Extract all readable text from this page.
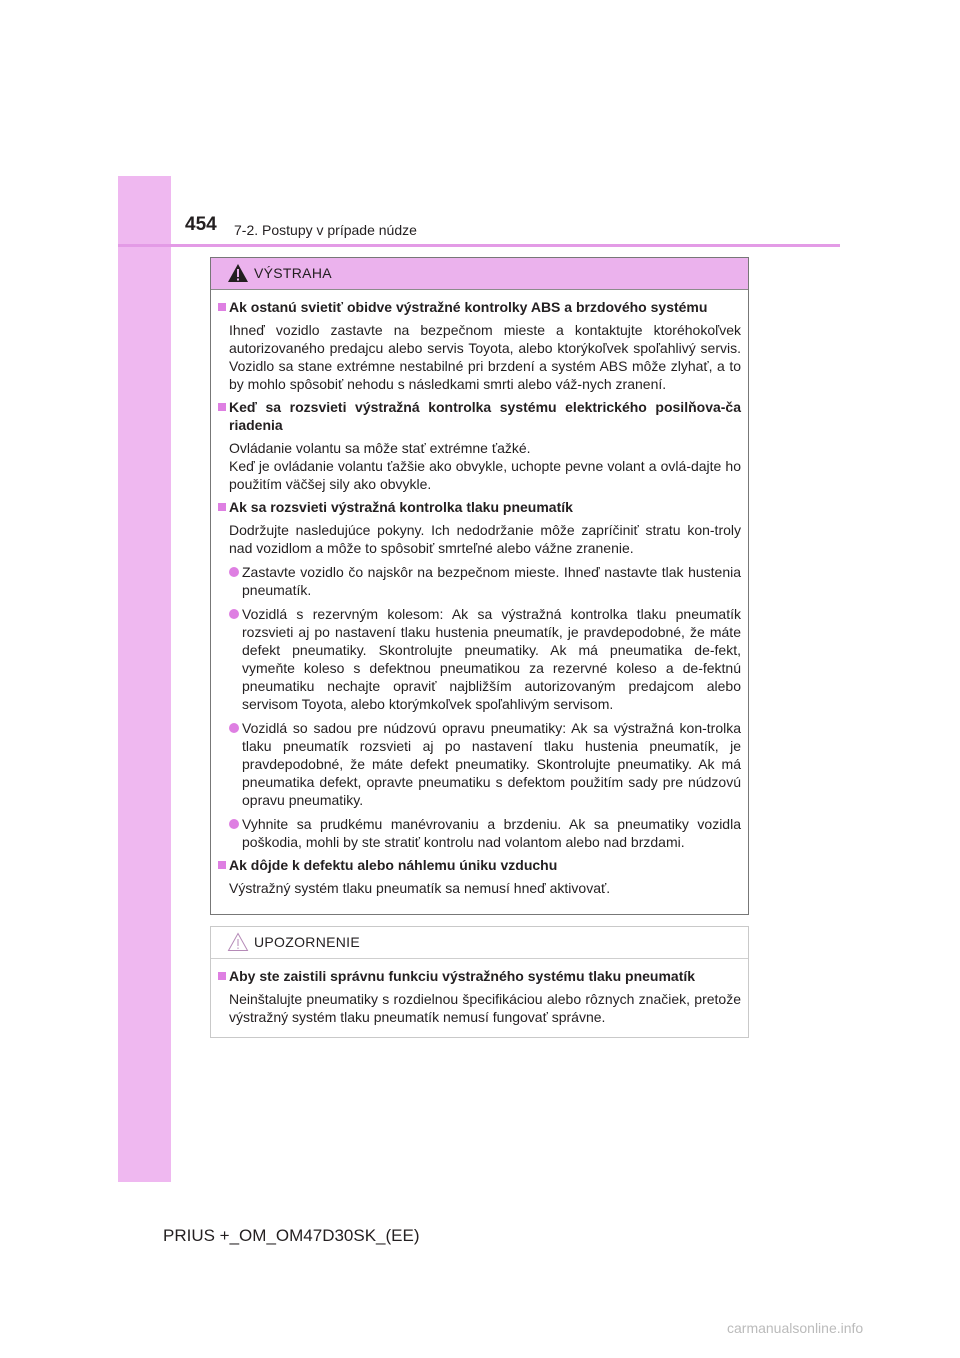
454 7-2. Postupy v prípade núdze
VÝSTRAHA
Ak ostanú svietiť obidve výstražné kontrolky ABS a brzdového systému
Ihneď vozidlo zastavte na bezpečnom mieste a kontaktujte ktoréhokoľvek autorizovaného predajcu alebo servis Toyota, alebo ktorýkoľvek spoľahlivý servis. Vozidlo sa stane extrémne nestabilné pri brzdení a systém ABS môže zlyhať, a to by mohlo spôsobiť nehodu s následkami smrti alebo váž-nych zranení.
Keď sa rozsvieti výstražná kontrolka systému elektrického posilňova-ča riadenia
Ovládanie volantu sa môže stať extrémne ťažké.
Keď je ovládanie volantu ťažšie ako obvykle, uchopte pevne volant a ovlá-dajte ho použitím väčšej sily ako obvykle.
Ak sa rozsvieti výstražná kontrolka tlaku pneumatík
Dodržujte nasledujúce pokyny. Ich nedodržanie môže zapríčiniť stratu kon-troly nad vozidlom a môže to spôsobiť smrteľné alebo vážne zranenie.
Zastavte vozidlo čo najskôr na bezpečnom mieste. Ihneď nastavte tlak hustenia pneumatík.
Vozidlá s rezervným kolesom: Ak sa výstražná kontrolka tlaku pneumatík rozsvieti aj po nastavení tlaku hustenia pneumatík, je pravdepodobné, že máte defekt pneumatiky. Skontrolujte pneumatiky. Ak má pneumatika de-fekt, vymeňte koleso s defektnou pneumatikou za rezervné koleso a de-fektnú pneumatiku nechajte opraviť najbližším autorizovaným predajcom alebo servisom Toyota, alebo ktorýmkoľvek spoľahlivým servisom.
Vozidlá so sadou pre núdzovú opravu pneumatiky: Ak sa výstražná kon-trolka tlaku pneumatík rozsvieti aj po nastavení tlaku hustenia pneumatík, je pravdepodobné, že máte defekt pneumatiky. Skontrolujte pneumatiky. Ak má pneumatika defekt, opravte pneumatiku s defektom použitím sady pre núdzovú opravu pneumatiky.
Vyhnite sa prudkému manévrovaniu a brzdeniu. Ak sa pneumatiky vozidla poškodia, mohli by ste stratiť kontrolu nad volantom alebo nad brzdami.
Ak dôjde k defektu alebo náhlemu úniku vzduchu
Výstražný systém tlaku pneumatík sa nemusí hneď aktivovať.
UPOZORNENIE
Aby ste zaistili správnu funkciu výstražného systému tlaku pneumatík
Neinštalujte pneumatiky s rozdielnou špecifikáciou alebo rôznych značiek, pretože výstražný systém tlaku pneumatík nemusí fungovať správne.
PRIUS +_OM_OM47D30SK_(EE)
carmanualsonline.info
